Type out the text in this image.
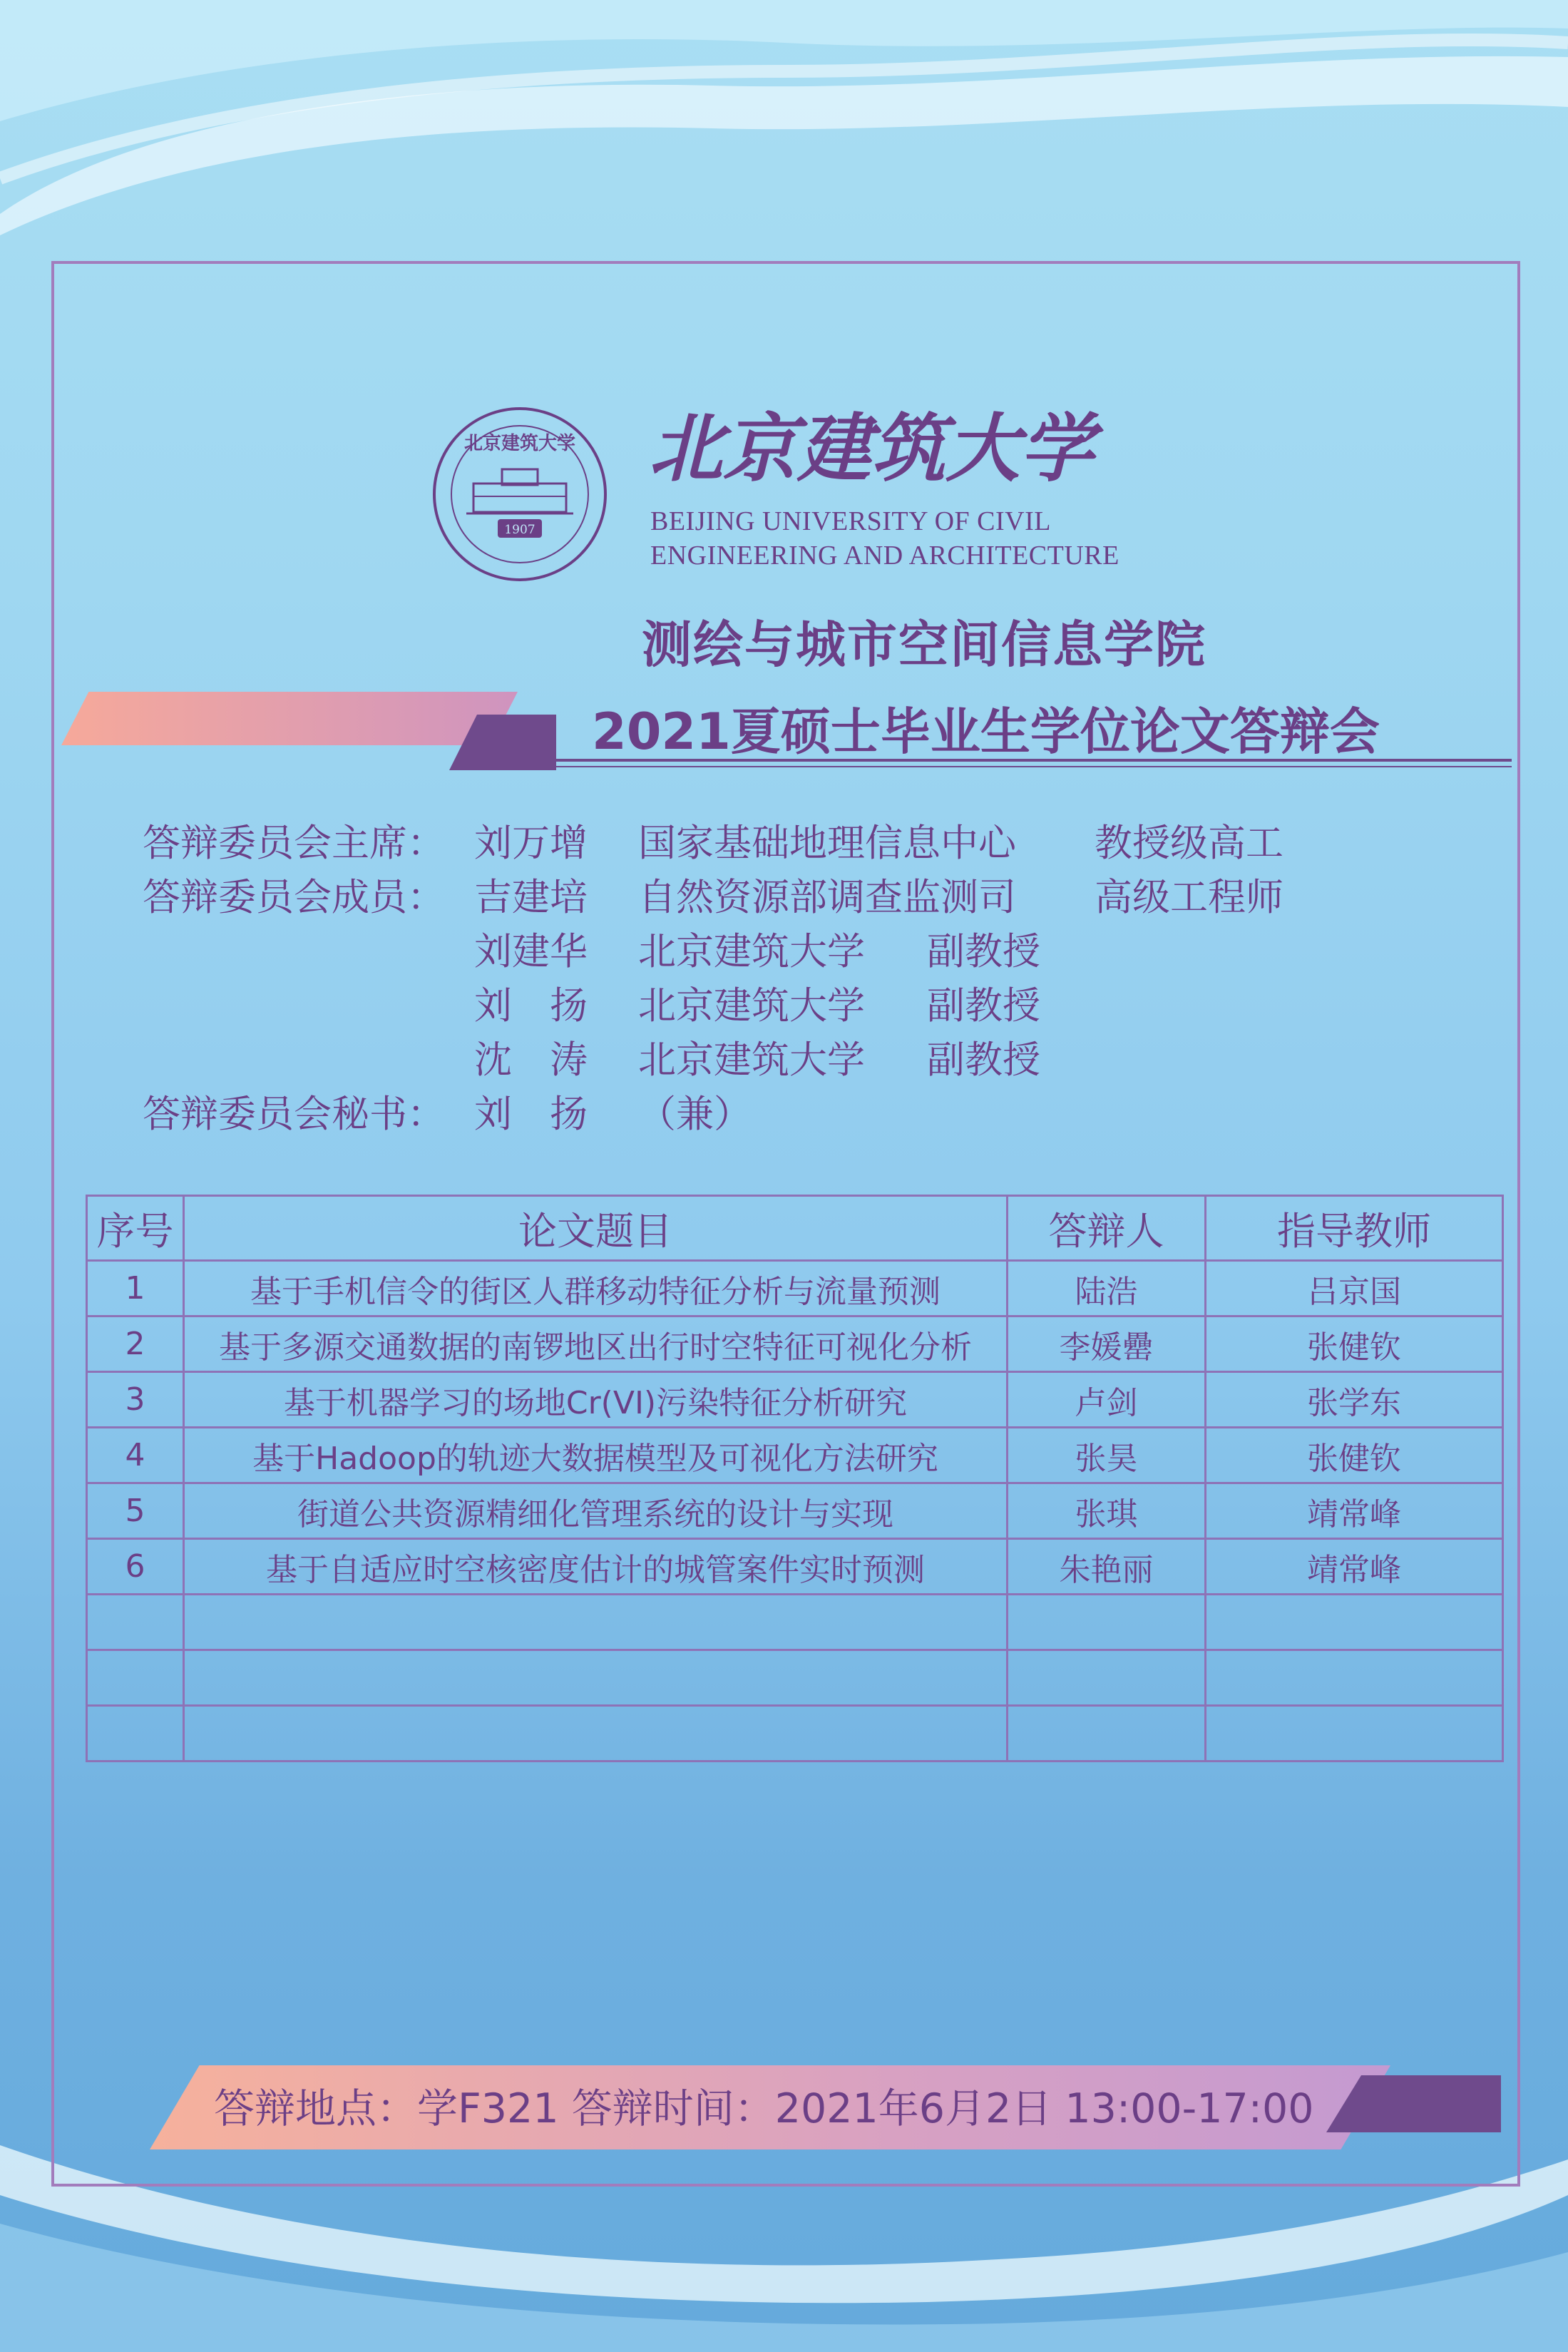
1907
北京建筑大学 北京建筑大学
BEIJING UNIVERSITY OF CIVIL
ENGINEERING AND ARCHITECTURE
测绘与城市空间信息学院
2021夏硕士毕业生学位论文答辩会
答辩委员会主席： 刘万增	国家基础地理信息中心	教授级高工
答辩委员会成员： 吉建培	自然资源部调查监测司	高级工程师
刘建华	北京建筑大学	副教授
刘　扬	北京建筑大学	副教授
沈　涛	北京建筑大学	副教授
答辩委员会秘书： 刘　扬	（兼）
序号	论文题目	答辩人	指导教师
1	基于手机信令的街区人群移动特征分析与流量预测	陆浩	吕京国
2	基于多源交通数据的南锣地区出行时空特征可视化分析	李媛罍	张健钦
3	基于机器学习的场地Cr(VI)污染特征分析研究	卢剑	张学东
4	基于Hadoop的轨迹大数据模型及可视化方法研究	张昊	张健钦
5	街道公共资源精细化管理系统的设计与实现	张琪	靖常峰
6	基于自适应时空核密度估计的城管案件实时预测	朱艳丽	靖常峰

答辩地点：学F321 答辩时间：2021年6月2日 13:00-17:00
